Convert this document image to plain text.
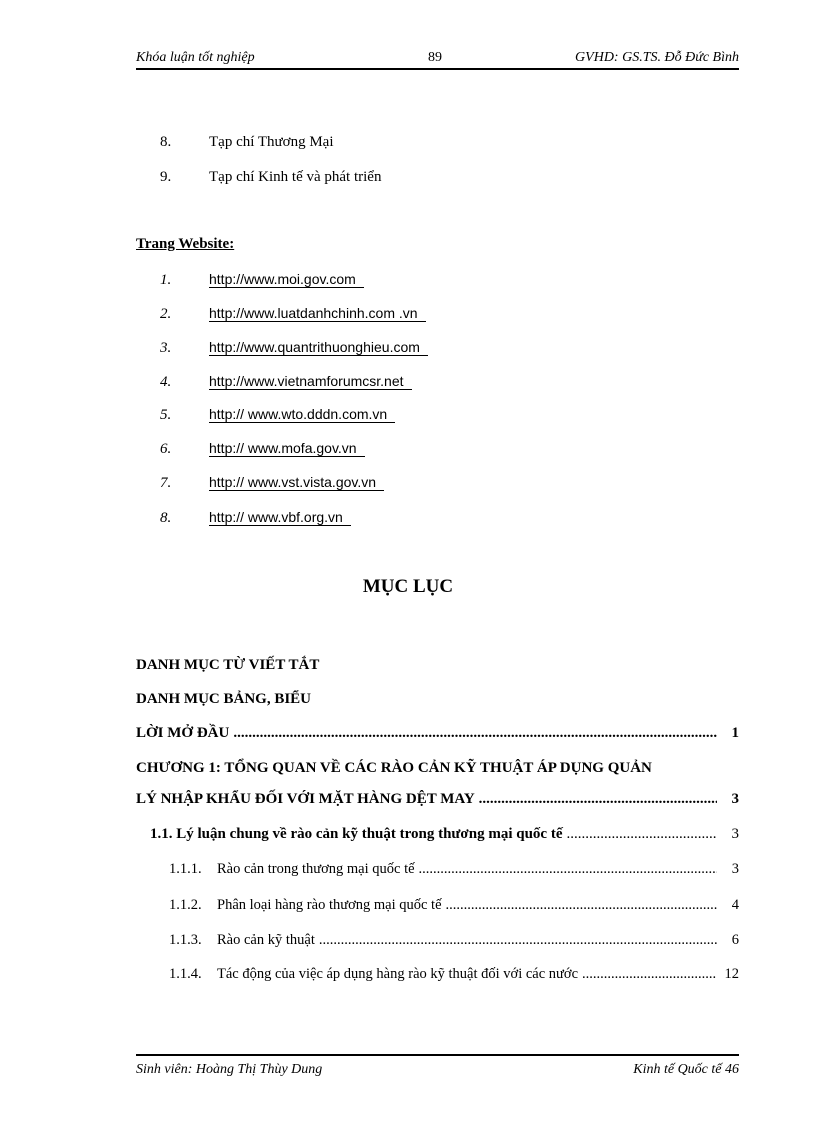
Khóa luận tốt nghiệp	89	GVHD: GS.TS. Đỗ Đức Bình
8.	Tạp chí Thương Mại
9.	Tạp chí Kinh tế và phát triển
Trang Website:
1.	http://www.moi.gov.com
2.	http://www.luatdanhchinh.com .vn
3.	http://www.quantrithuonghieu.com
4.	http://www.vietnamforumcsr.net
5.	http:// www.wto.dddn.com.vn
6.	http:// www.mofa.gov.vn
7.	http:// www.vst.vista.gov.vn
8.	http:// www.vbf.org.vn
MỤC LỤC
DANH MỤC TỪ VIẾT TẮT
DANH MỤC BẢNG, BIỂU
LỜI MỞ ĐẦU .....	1
CHƯƠNG 1: TỔNG QUAN VỀ CÁC RÀO CẢN KỸ THUẬT ÁP DỤNG QUẢN
LÝ NHẬP KHẨU ĐỐI VỚI MẶT HÀNG DỆT MAY .....	3
1.1. Lý luận chung về rào cản kỹ thuật trong thương mại quốc tế .....	3
1.1.1.	Rào cản trong thương mại quốc tế .....	3
1.1.2.	Phân loại hàng rào thương mại quốc tế .....	4
1.1.3.	Rào cản kỹ thuật .....	6
1.1.4.	Tác động của việc áp dụng hàng rào kỹ thuật đối với các nước .....	12
Sinh viên: Hoàng Thị Thùy Dung	Kinh tế Quốc tế 46
